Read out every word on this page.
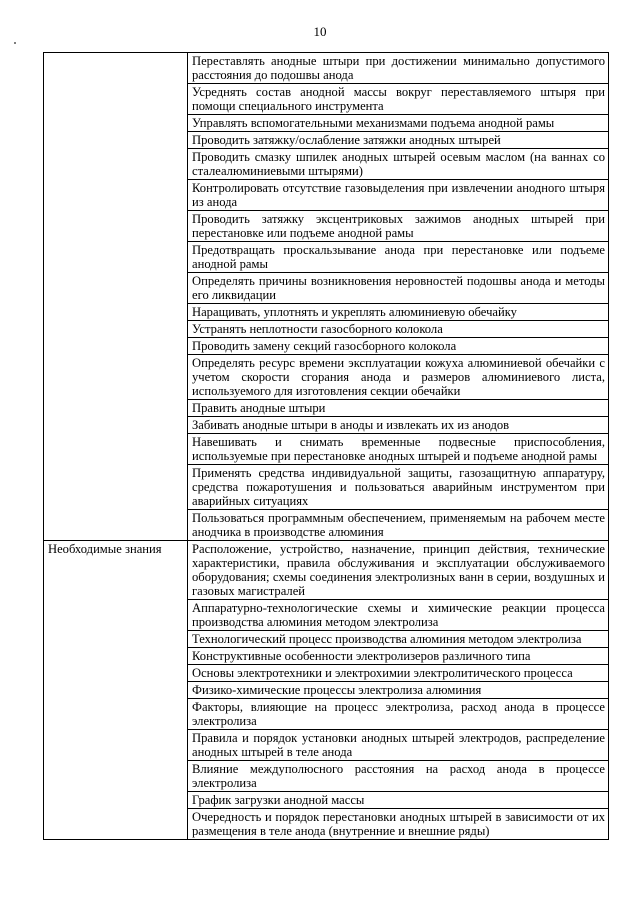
10
	Переставлять анодные штыри при достижении минимально допустимого расстояния до подошвы анода
	Усреднять состав анодной массы вокруг переставляемого штыря при помощи специального инструмента
	Управлять вспомогательными механизмами подъема анодной рамы
	Проводить затяжку/ослабление затяжки анодных штырей
	Проводить смазку шпилек анодных штырей осевым маслом (на ваннах со сталеалюминиевыми штырями)
	Контролировать отсутствие газовыделения при извлечении анодного штыря из анода
	Проводить затяжку эксцентриковых зажимов анодных штырей при перестановке или подъеме анодной рамы
	Предотвращать проскальзывание анода при перестановке или подъеме анодной рамы
	Определять причины возникновения неровностей подошвы анода и методы его ликвидации
	Наращивать, уплотнять и укреплять алюминиевую обечайку
	Устранять неплотности газосборного колокола
	Проводить замену секций газосборного колокола
	Определять ресурс времени эксплуатации кожуха алюминиевой обечайки с учетом скорости сгорания анода и размеров алюминиевого листа, используемого для изготовления секции обечайки
	Править анодные штыри
	Забивать анодные штыри в аноды и извлекать их из анодов
	Навешивать и снимать временные подвесные приспособления, используемые при перестановке анодных штырей и подъеме анодной рамы
	Применять средства индивидуальной защиты, газозащитную аппаратуру, средства пожаротушения и пользоваться аварийным инструментом при аварийных ситуациях
	Пользоваться программным обеспечением, применяемым на рабочем месте анодчика в производстве алюминия
Необходимые знания	Расположение, устройство, назначение, принцип действия, технические характеристики, правила обслуживания и эксплуатации обслуживаемого оборудования; схемы соединения электролизных ванн в серии, воздушных и газовых магистралей
	Аппаратурно-технологические схемы и химические реакции процесса производства алюминия методом электролиза
	Технологический процесс производства алюминия методом электролиза
	Конструктивные особенности электролизеров различного типа
	Основы электротехники и электрохимии электролитического процесса
	Физико-химические процессы электролиза алюминия
	Факторы, влияющие на процесс электролиза, расход анода в процессе электролиза
	Правила и порядок установки анодных штырей электродов, распределение анодных штырей в теле анода
	Влияние междуполюсного расстояния на расход анода в процессе электролиза
	График загрузки анодной массы
	Очередность и порядок перестановки анодных штырей в зависимости от их размещения в теле анода (внутренние и внешние ряды)
